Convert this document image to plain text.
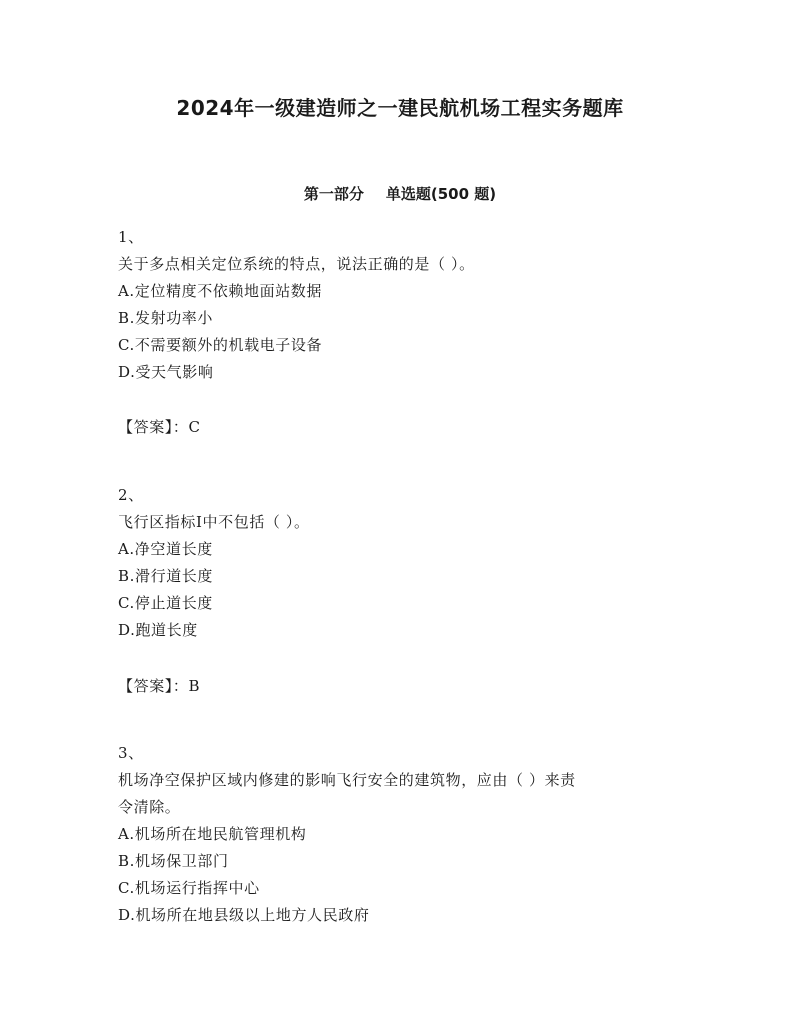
2024年一级建造师之一建民航机场工程实务题库
第一部分 单选题(500 题)
1、
关于多点相关定位系统的特点，说法正确的是（ ）。
A.定位精度不依赖地面站数据
B.发射功率小
C.不需要额外的机载电子设备
D.受天气影响
【答案】：C
2、
飞行区指标Ⅰ中不包括（ ）。
A.净空道长度
B.滑行道长度
C.停止道长度
D.跑道长度
【答案】：B
3、
机场净空保护区域内修建的影响飞行安全的建筑物，应由（ ）来责
令清除。
A.机场所在地民航管理机构
B.机场保卫部门
C.机场运行指挥中心
D.机场所在地县级以上地方人民政府
